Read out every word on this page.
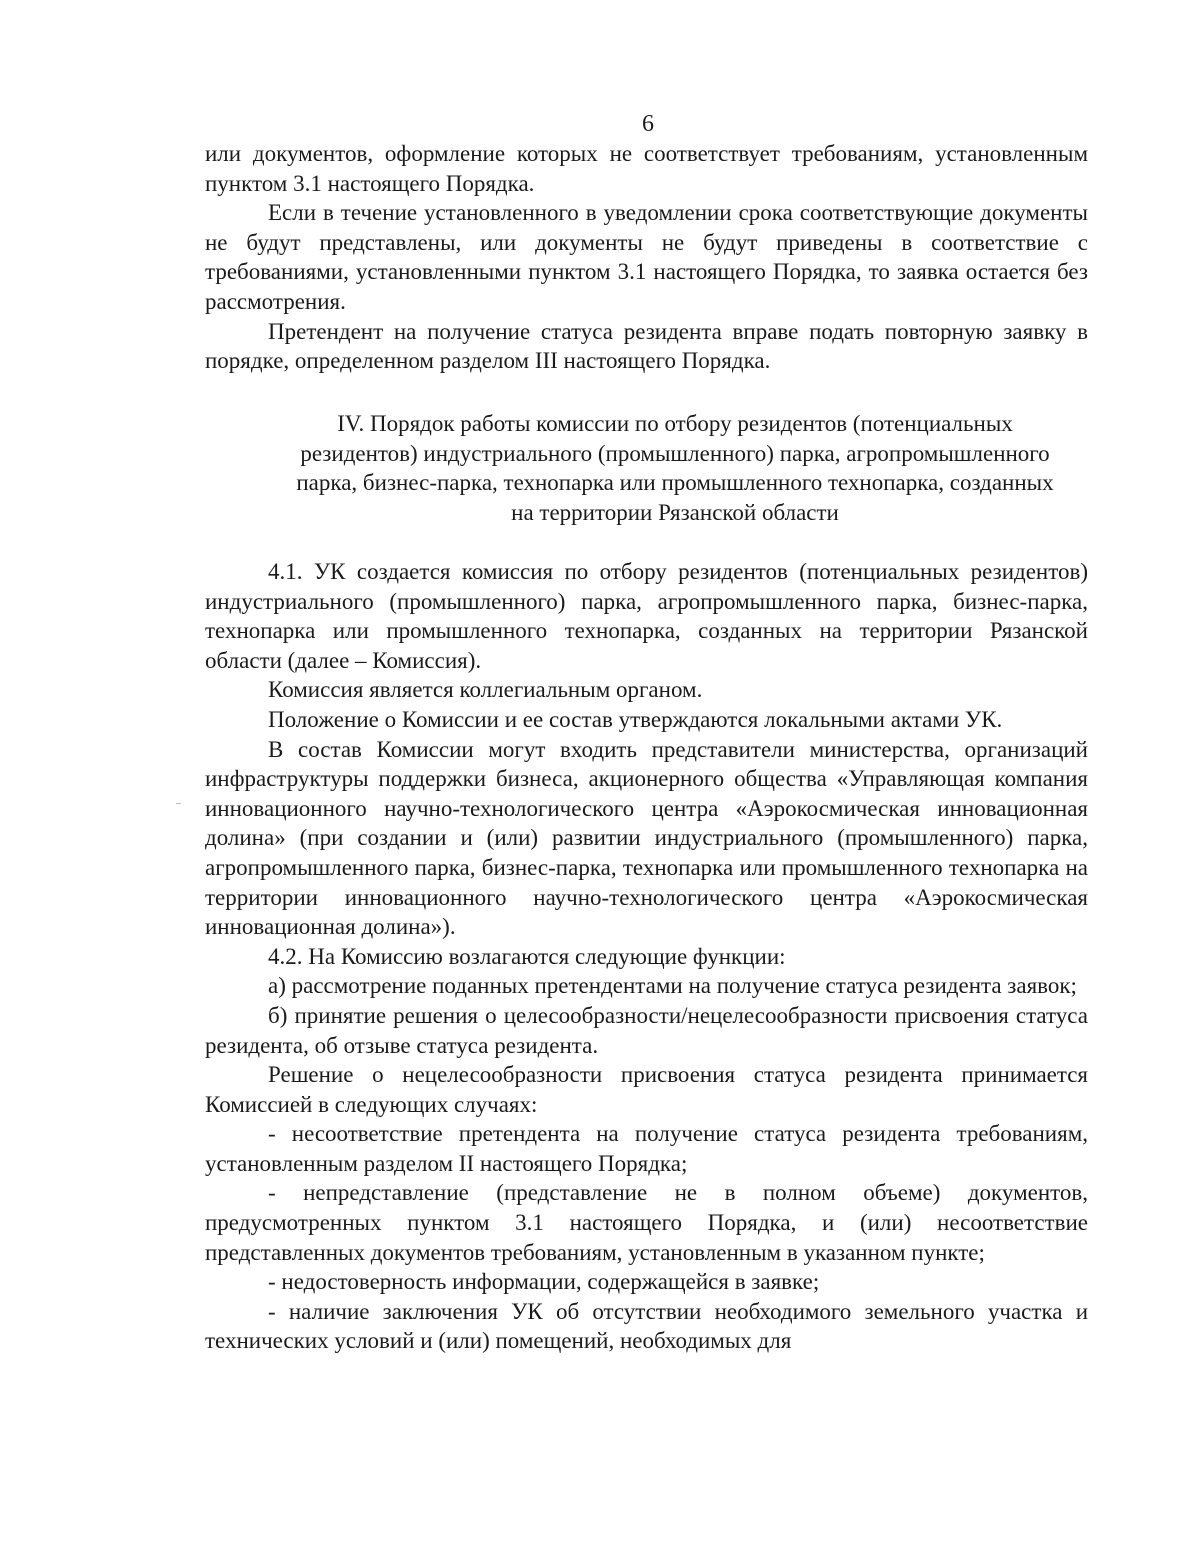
6

или документов, оформление которых не соответствует требованиям, установленным пунктом 3.1 настоящего Порядка.

Если в течение установленного в уведомлении срока соответствующие документы не будут представлены, или документы не будут приведены в соответствие с требованиями, установленными пунктом 3.1 настоящего Порядка, то заявка остается без рассмотрения.

Претендент на получение статуса резидента вправе подать повторную заявку в порядке, определенном разделом III настоящего Порядка.

IV. Порядок работы комиссии по отбору резидентов (потенциальных
резидентов) индустриального (промышленного) парка, агропромышленного
парка, бизнес-парка, технопарка или промышленного технопарка, созданных
на территории Рязанской области

4.1. УК создается комиссия по отбору резидентов (потенциальных резидентов) индустриального (промышленного) парка, агропромышленного парка, бизнес-парка, технопарка или промышленного технопарка, созданных на территории Рязанской области (далее – Комиссия).

Комиссия является коллегиальным органом.

Положение о Комиссии и ее состав утверждаются локальными актами УК.

В состав Комиссии могут входить представители министерства, организаций инфраструктуры поддержки бизнеса, акционерного общества «Управляющая компания инновационного научно-технологического центра «Аэрокосмическая инновационная долина» (при создании и (или) развитии индустриального (промышленного) парка, агропромышленного парка, бизнес-парка, технопарка или промышленного технопарка на территории инновационного научно-технологического центра «Аэрокосмическая инновационная долина»).

4.2. На Комиссию возлагаются следующие функции:

а) рассмотрение поданных претендентами на получение статуса резидента заявок;

б) принятие решения о целесообразности/нецелесообразности присвоения статуса резидента, об отзыве статуса резидента.

Решение о нецелесообразности присвоения статуса резидента принимается Комиссией в следующих случаях:

- несоответствие претендента на получение статуса резидента требованиям, установленным разделом II настоящего Порядка;

- непредставление (представление не в полном объеме) документов, предусмотренных пунктом 3.1 настоящего Порядка, и (или) несоответствие представленных документов требованиям, установленным в указанном пункте;

- недостоверность информации, содержащейся в заявке;

- наличие заключения УК об отсутствии необходимого земельного участка и технических условий и (или) помещений, необходимых для
